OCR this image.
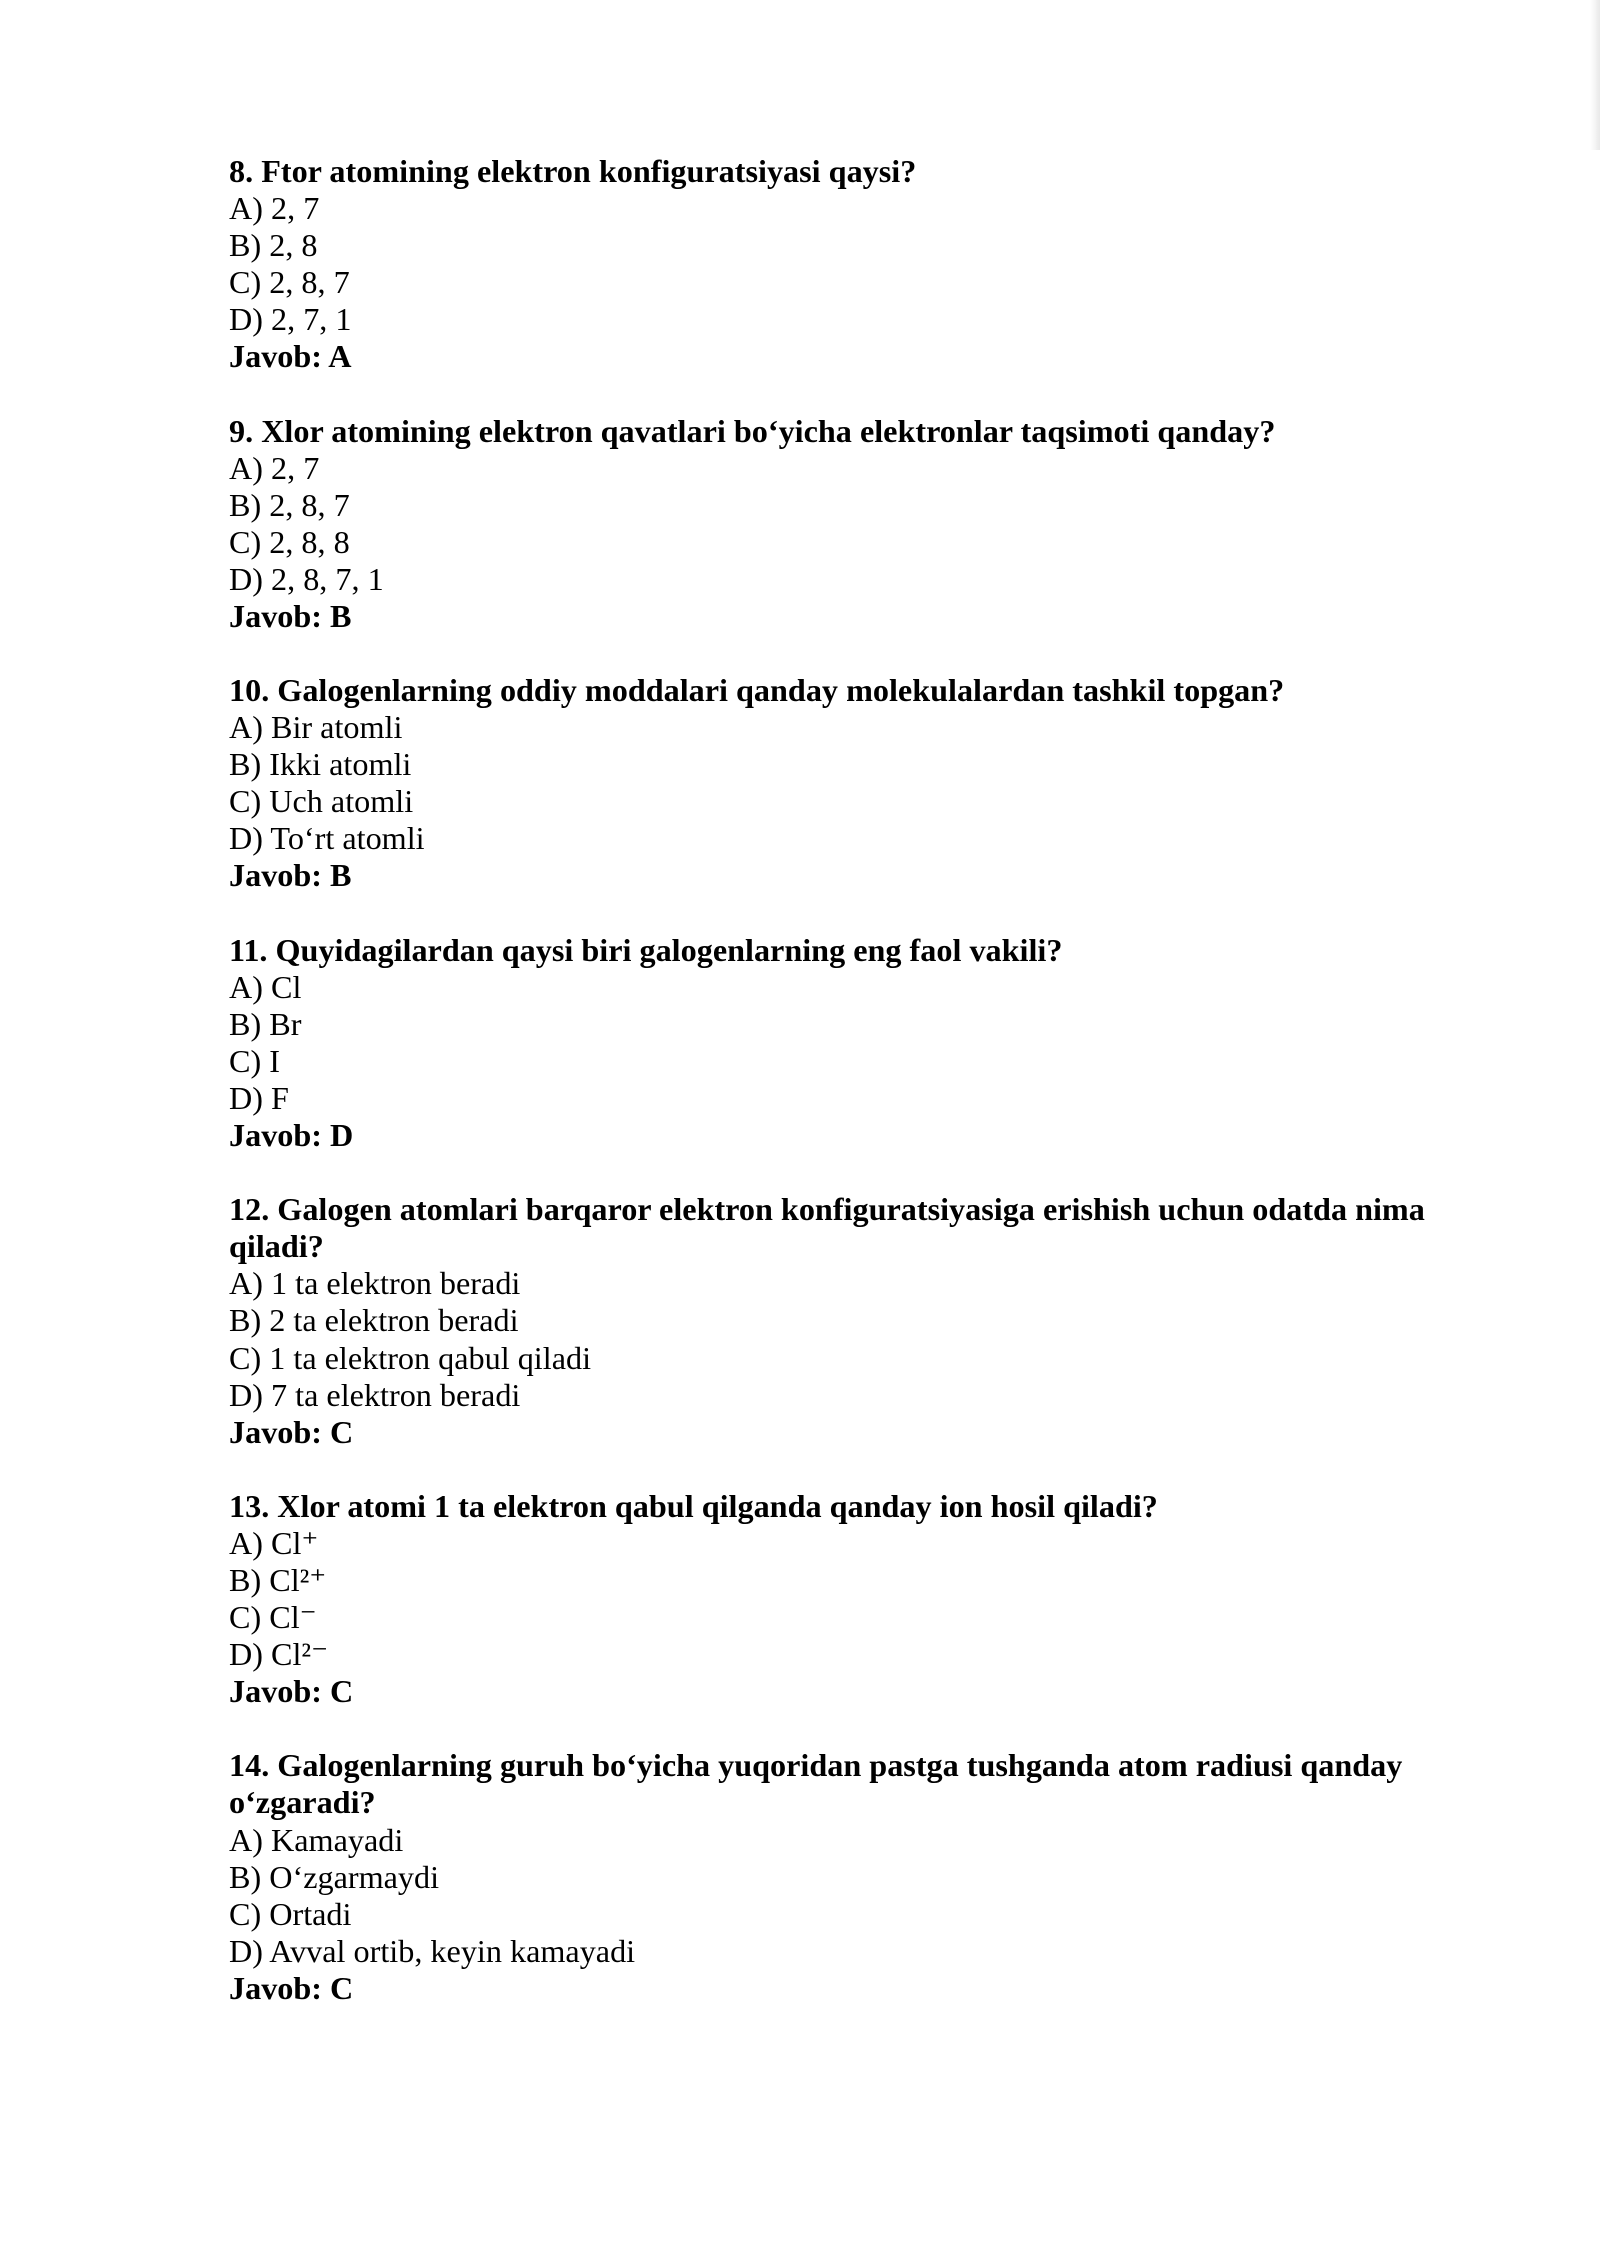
8. Ftor atomining elektron konfiguratsiyasi qaysi?

A) 2, 7

B) 2, 8

C) 2, 8, 7

D) 2, 7, 1

Javob: A

9. Xlor atomining elektron qavatlari bo‘yicha elektronlar taqsimoti qanday?

A) 2, 7

B) 2, 8, 7

C) 2, 8, 8

D) 2, 8, 7, 1

Javob: B

10. Galogenlarning oddiy moddalari qanday molekulalardan tashkil topgan?

A) Bir atomli

B) Ikki atomli

C) Uch atomli

D) To‘rt atomli

Javob: B

11. Quyidagilardan qaysi biri galogenlarning eng faol vakili?

A) Cl

B) Br

C) I

D) F

Javob: D

12. Galogen atomlari barqaror elektron konfiguratsiyasiga erishish uchun odatda nima qiladi?

A) 1 ta elektron beradi

B) 2 ta elektron beradi

C) 1 ta elektron qabul qiladi

D) 7 ta elektron beradi

Javob: C

13. Xlor atomi 1 ta elektron qabul qilganda qanday ion hosil qiladi?

A) Cl⁺

B) Cl²⁺

C) Cl⁻

D) Cl²⁻

Javob: C

14. Galogenlarning guruh bo‘yicha yuqoridan pastga tushganda atom radiusi qanday o‘zgaradi?

A) Kamayadi

B) O‘zgarmaydi

C) Ortadi

D) Avval ortib, keyin kamayadi

Javob: C
